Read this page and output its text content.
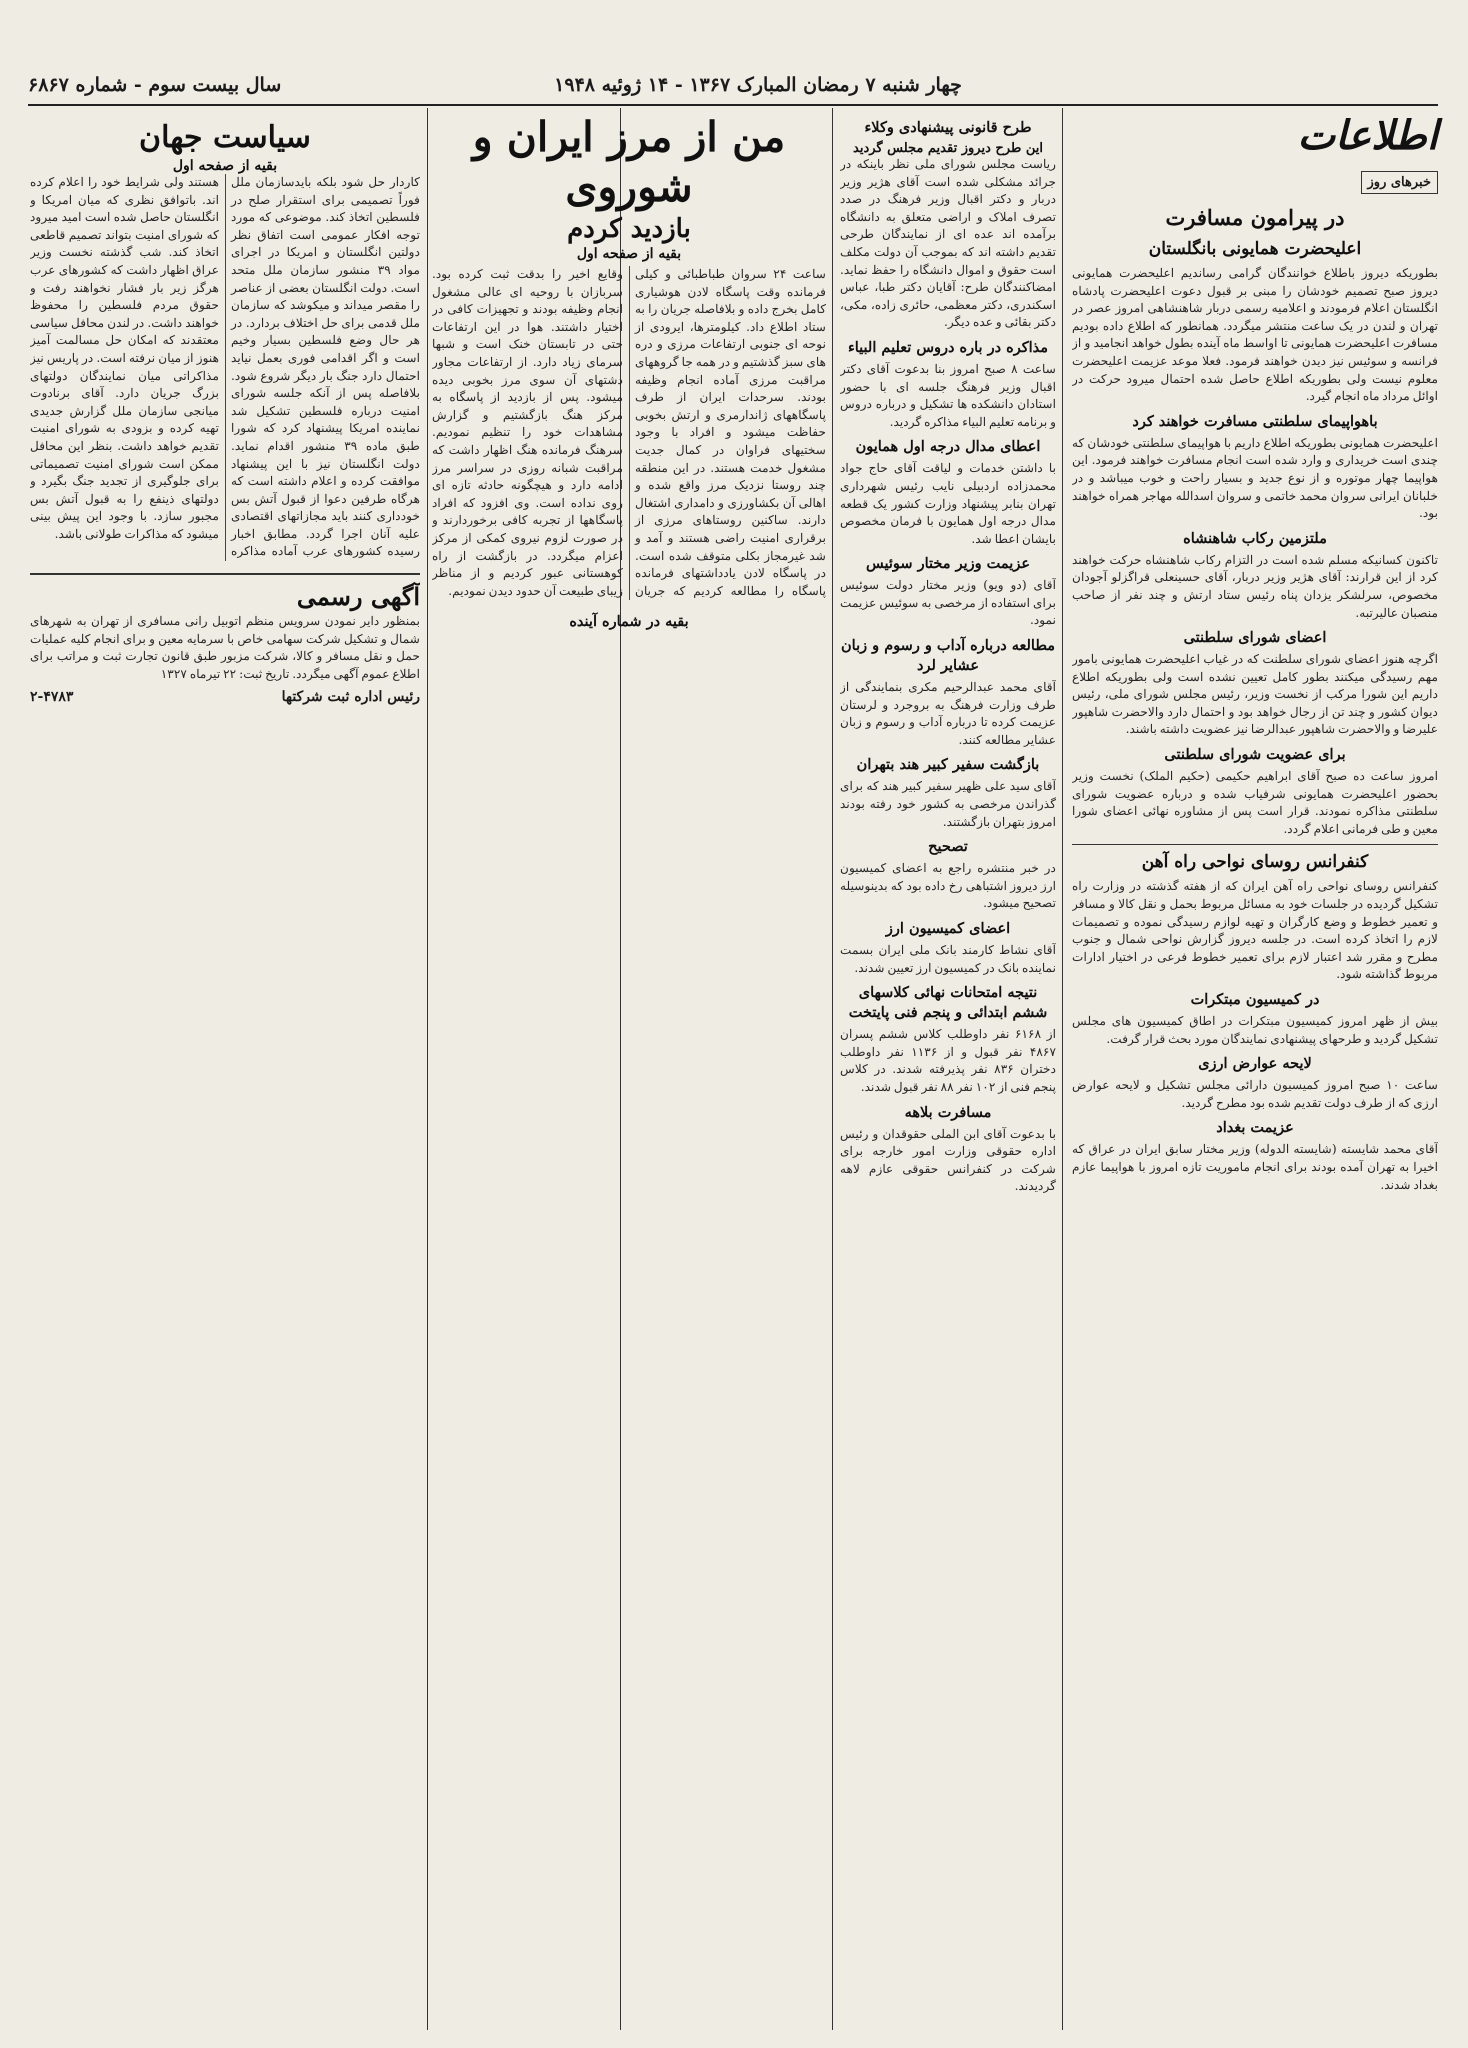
چهار شنبه ۷ رمضان المبارک ۱۳۶۷ - ۱۴ ژوئیه ۱۹۴۸
سال بیست سوم - شماره ۶۸۶۷
اطلاعات
خبرهای روز
در پیرامون مسافرت
اعلیحضرت همایونی بانگلستان
بطوریکه دیروز باطلاع خوانندگان گرامی رساندیم اعلیحضرت همایونی دیروز صبح تصمیم خودشان را مبنی بر قبول دعوت اعلیحضرت پادشاه انگلستان اعلام فرمودند و اعلامیه رسمی دربار شاهنشاهی امروز عصر در تهران و لندن در یک ساعت منتشر میگردد. همانطور که اطلاع داده بودیم مسافرت اعلیحضرت همایونی تا اواسط ماه آینده بطول خواهد انجامید و از فرانسه و سوئیس نیز دیدن خواهند فرمود. فعلا موعد عزیمت اعلیحضرت معلوم نیست ولی بطوریکه اطلاع حاصل شده احتمال میرود حرکت در اوائل مرداد ماه انجام گیرد.
باهواپیمای سلطنتی مسافرت خواهند کرد
اعلیحضرت همایونی بطوریکه اطلاع داریم با هواپیمای سلطنتی خودشان که چندی است خریداری و وارد شده است انجام مسافرت خواهند فرمود. این هواپیما چهار موتوره و از نوع جدید و بسیار راحت و خوب میباشد و در خلبانان ایرانی سروان محمد خاتمی و سروان اسدالله مهاجر همراه خواهند بود.
ملتزمین رکاب شاهنشاه
تاکنون کسانیکه مسلم شده است در التزام رکاب شاهنشاه حرکت خواهند کرد از این قرارند: آقای هژیر وزیر دربار، آقای حسینعلی قراگزلو آجودان مخصوص، سرلشکر یزدان پناه رئیس ستاد ارتش و چند نفر از صاحب منصبان عالیرتبه.
اعضای شورای سلطنتی
اگرچه هنوز اعضای شورای سلطنت که در غیاب اعلیحضرت همایونی بامور مهم رسیدگی میکنند بطور کامل تعیین نشده است ولی بطوریکه اطلاع داریم این شورا مرکب از نخست وزیر، رئیس مجلس شورای ملی، رئیس دیوان کشور و چند تن از رجال خواهد بود و احتمال دارد والاحضرت شاهپور علیرضا و والاحضرت شاهپور عبدالرضا نیز عضویت داشته باشند.
برای عضویت شورای سلطنتی
امروز ساعت ده صبح آقای ابراهیم حکیمی (حکیم الملک) نخست وزیر بحضور اعلیحضرت همایونی شرفیاب شده و درباره عضویت شورای سلطنتی مذاکره نمودند. قرار است پس از مشاوره نهائی اعضای شورا معین و طی فرمانی اعلام گردد.
کنفرانس روسای نواحی راه آهن
کنفرانس روسای نواحی راه آهن ایران که از هفته گذشته در وزارت راه تشکیل گردیده در جلسات خود به مسائل مربوط بحمل و نقل کالا و مسافر و تعمیر خطوط و وضع کارگران و تهیه لوازم رسیدگی نموده و تصمیمات لازم را اتخاذ کرده است. در جلسه دیروز گزارش نواحی شمال و جنوب مطرح و مقرر شد اعتبار لازم برای تعمیر خطوط فرعی در اختیار ادارات مربوط گذاشته شود.
در کمیسیون مبتکرات
بیش از ظهر امروز کمیسیون مبتکرات در اطاق کمیسیون های مجلس تشکیل گردید و طرحهای پیشنهادی نمایندگان مورد بحث قرار گرفت.
لایحه عوارض ارزی
ساعت ۱۰ صبح امروز کمیسیون دارائی مجلس تشکیل و لایحه عوارض ارزی که از طرف دولت تقدیم شده بود مطرح گردید.
عزیمت بغداد
آقای محمد شایسته (شایسته الدوله) وزیر مختار سابق ایران در عراق که اخیرا به تهران آمده بودند برای انجام ماموریت تازه امروز با هواپیما عازم بغداد شدند.
طرح قانونی پیشنهادی وکلاء
این طرح دیروز تقدیم مجلس گردید
ریاست مجلس شورای ملی نظر باینکه در جرائد مشکلی شده است آقای هژیر وزیر دربار و دکتر اقبال وزیر فرهنگ در صدد تصرف املاک و اراضی متعلق به دانشگاه برآمده اند عده ای از نمایندگان طرحی تقدیم داشته اند که بموجب آن دولت مکلف است حقوق و اموال دانشگاه را حفظ نماید. امضاکنندگان طرح: آقایان دکتر طبا، عباس اسکندری، دکتر معظمی، حائری زاده، مکی، دکتر بقائی و عده دیگر.
مذاکره در باره دروس تعلیم البیاء
ساعت ۸ صبح امروز بنا بدعوت آقای دکتر اقبال وزیر فرهنگ جلسه ای با حضور استادان دانشکده ها تشکیل و درباره دروس و برنامه تعلیم البیاء مذاکره گردید.
اعطای مدال درجه اول همایون
با داشتن خدمات و لیاقت آقای حاج جواد محمدزاده اردبیلی نایب رئیس شهرداری تهران بنابر پیشنهاد وزارت کشور یک قطعه مدال درجه اول همایون با فرمان مخصوص بایشان اعطا شد.
عزیمت وزیر مختار سوئیس
آقای (دو ویو) وزیر مختار دولت سوئیس برای استفاده از مرخصی به سوئیس عزیمت نمود.
مطالعه درباره آداب و رسوم و زبان عشایر لرد
آقای محمد عبدالرحیم مکری بنمایندگی از طرف وزارت فرهنگ به بروجرد و لرستان عزیمت کرده تا درباره آداب و رسوم و زبان عشایر مطالعه کنند.
بازگشت سفیر کبیر هند بتهران
آقای سید علی ظهیر سفیر کبیر هند که برای گذراندن مرخصی به کشور خود رفته بودند امروز بتهران بازگشتند.
تصحیح
در خبر منتشره راجع به اعضای کمیسیون ارز دیروز اشتباهی رخ داده بود که بدینوسیله تصحیح میشود.
اعضای کمیسیون ارز
آقای نشاط کارمند بانک ملی ایران بسمت نماینده بانک در کمیسیون ارز تعیین شدند.
نتیجه امتحانات نهائی کلاسهای ششم ابتدائی و پنجم فنی پایتخت
از ۶۱۶۸ نفر داوطلب کلاس ششم پسران ۴۸۶۷ نفر قبول و از ۱۱۳۶ نفر داوطلب دختران ۸۳۶ نفر پذیرفته شدند. در کلاس پنجم فنی از ۱۰۲ نفر ۸۸ نفر قبول شدند.
مسافرت بلاهه
با بدعوت آقای ابن الملی حقوقدان و رئیس اداره حقوقی وزارت امور خارجه برای شرکت در کنفرانس حقوقی عازم لاهه گردیدند.
من از مرز ایران و شوروی
بازدید کردم
بقیه از صفحه اول
ساعت ۲۴ سروان طباطبائی و کیلی فرمانده وقت پاسگاه لادن هوشیاری کامل بخرج داده و بلافاصله جریان را به ستاد اطلاع داد. کیلومترها، ایرودی از نوحه ای جنوبی ارتفاعات مرزی و دره های سبز گذشتیم و در همه جا گروههای مراقبت مرزی آماده انجام وظیفه بودند. سرحدات ایران از طرف پاسگاههای ژاندارمری و ارتش بخوبی حفاظت میشود و افراد با وجود سختیهای فراوان در کمال جدیت مشغول خدمت هستند. در این منطقه چند روستا نزدیک مرز واقع شده و اهالی آن بکشاورزی و دامداری اشتغال دارند. ساکنین روستاهای مرزی از برقراری امنیت راضی هستند و آمد و شد غیرمجاز بکلی متوقف شده است. در پاسگاه لادن یادداشتهای فرمانده پاسگاه را مطالعه کردیم که جریان وقایع اخیر را بدقت ثبت کرده بود. سربازان با روحیه ای عالی مشغول انجام وظیفه بودند و تجهیزات کافی در اختیار داشتند. هوا در این ارتفاعات حتی در تابستان خنک است و شبها سرمای زیاد دارد. از ارتفاعات مجاور دشتهای آن سوی مرز بخوبی دیده میشود. پس از بازدید از پاسگاه به مرکز هنگ بازگشتیم و گزارش مشاهدات خود را تنظیم نمودیم. سرهنگ فرمانده هنگ اظهار داشت که مراقبت شبانه روزی در سراسر مرز ادامه دارد و هیچگونه حادثه تازه ای روی نداده است. وی افزود که افراد پاسگاهها از تجربه کافی برخوردارند و در صورت لزوم نیروی کمکی از مرکز اعزام میگردد. در بازگشت از راه کوهستانی عبور کردیم و از مناظر زیبای طبیعت آن حدود دیدن نمودیم.
بقیه در شماره آینده
سیاست جهان
بقیه از صفحه اول
کاردار حل شود بلکه بایدسازمان ملل فوراً تصمیمی برای استقرار صلح در فلسطین اتخاذ کند. موضوعی که مورد توجه افکار عمومی است اتفاق نظر دولتین انگلستان و امریکا در اجرای مواد ۳۹ منشور سازمان ملل متحد است. دولت انگلستان بعضی از عناصر را مقصر میداند و میکوشد که سازمان ملل قدمی برای حل اختلاف بردارد. در هر حال وضع فلسطین بسیار وخیم است و اگر اقدامی فوری بعمل نیاید احتمال دارد جنگ بار دیگر شروع شود. بلافاصله پس از آنکه جلسه شورای امنیت درباره فلسطین تشکیل شد نماینده امریکا پیشنهاد کرد که شورا طبق ماده ۳۹ منشور اقدام نماید. دولت انگلستان نیز با این پیشنهاد موافقت کرده و اعلام داشته است که هرگاه طرفین دعوا از قبول آتش بس خودداری کنند باید مجازاتهای اقتصادی علیه آنان اجرا گردد. مطابق اخبار رسیده کشورهای عرب آماده مذاکره هستند ولی شرایط خود را اعلام کرده اند. باتوافق نظری که میان امریکا و انگلستان حاصل شده است امید میرود که شورای امنیت بتواند تصمیم قاطعی اتخاذ کند. شب گذشته نخست وزیر عراق اظهار داشت که کشورهای عرب هرگز زیر بار فشار نخواهند رفت و حقوق مردم فلسطین را محفوظ خواهند داشت. در لندن محافل سیاسی معتقدند که امکان حل مسالمت آمیز هنوز از میان نرفته است. در پاریس نیز مذاکراتی میان نمایندگان دولتهای بزرگ جریان دارد. آقای برنادوت میانجی سازمان ملل گزارش جدیدی تهیه کرده و بزودی به شورای امنیت تقدیم خواهد داشت. بنظر این محافل ممکن است شورای امنیت تصمیماتی برای جلوگیری از تجدید جنگ بگیرد و دولتهای ذینفع را به قبول آتش بس مجبور سازد. با وجود این پیش بینی میشود که مذاکرات طولانی باشد.
آگهی رسمی
بمنظور دایر نمودن سرویس منظم اتوبیل رانی مسافری از تهران به شهرهای شمال و تشکیل شرکت سهامی خاص با سرمایه معین و برای انجام کلیه عملیات حمل و نقل مسافر و کالا، شرکت مزبور طبق قانون تجارت ثبت و مراتب برای اطلاع عموم آگهی میگردد. تاریخ ثبت: ۲۲ تیرماه ۱۳۲۷
رئیس اداره ثبت شرکتها
۲-۴۷۸۳
